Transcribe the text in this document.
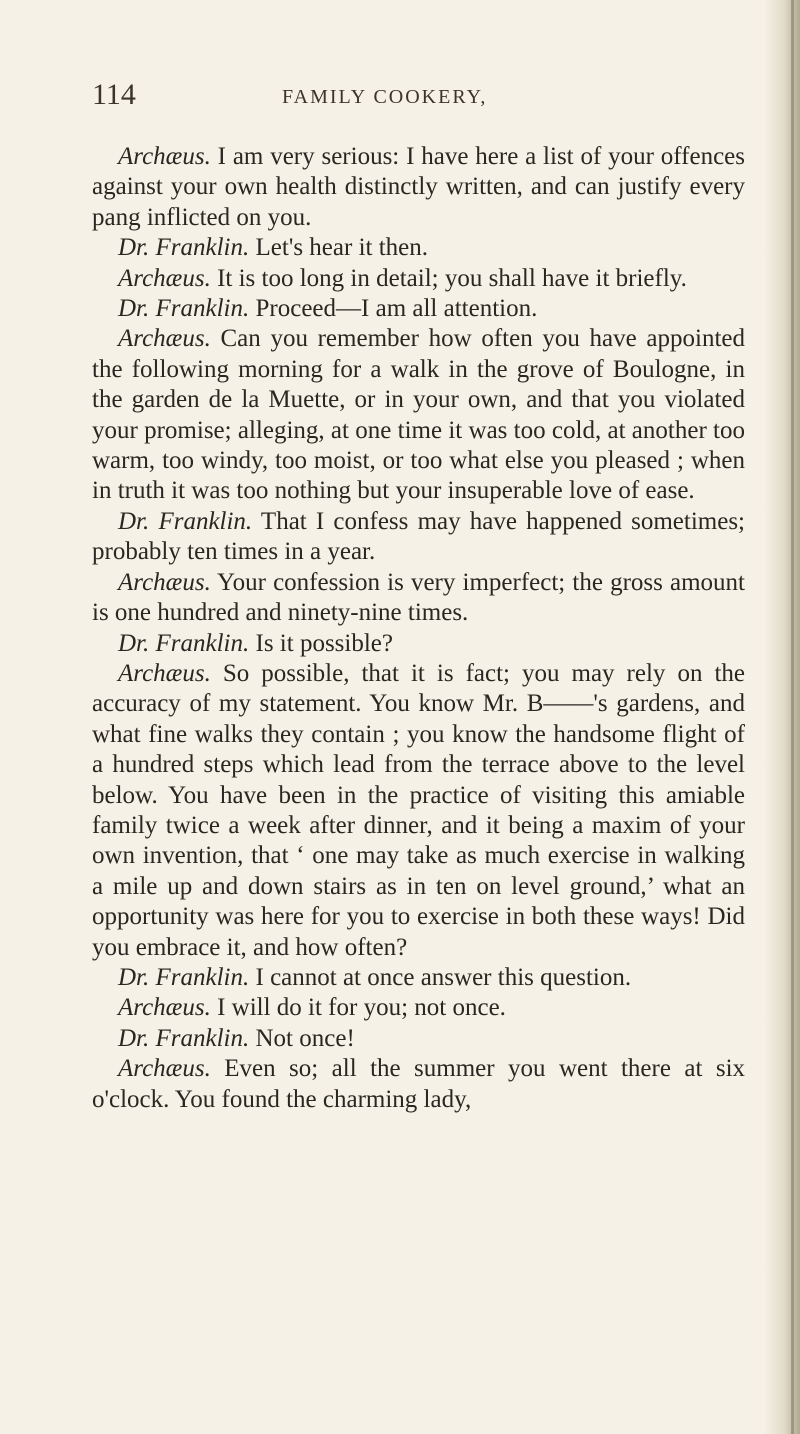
114	FAMILY COOKERY,

Archæus. I am very serious: I have here a list of your offences against your own health distinctly written, and can justify every pang inflicted on you.

Dr. Franklin. Let's hear it then.

Archæus. It is too long in detail; you shall have it briefly.

Dr. Franklin. Proceed—I am all attention.

Archæus. Can you remember how often you have appointed the following morning for a walk in the grove of Boulogne, in the garden de la Muette, or in your own, and that you violated your promise; alleging, at one time it was too cold, at another too warm, too windy, too moist, or too what else you pleased ; when in truth it was too nothing but your insuperable love of ease.

Dr. Franklin. That I confess may have happened sometimes; probably ten times in a year.

Archæus. Your confession is very imperfect; the gross amount is one hundred and ninety-nine times.

Dr. Franklin. Is it possible?

Archæus. So possible, that it is fact; you may rely on the accuracy of my statement. You know Mr. B——'s gardens, and what fine walks they contain ; you know the handsome flight of a hundred steps which lead from the terrace above to the level below. You have been in the practice of visiting this amiable family twice a week after dinner, and it being a maxim of your own invention, that ‘ one may take as much exercise in walking a mile up and down stairs as in ten on level ground,’ what an opportunity was here for you to exercise in both these ways! Did you embrace it, and how often?

Dr. Franklin. I cannot at once answer this question.

Archæus. I will do it for you; not once.

Dr. Franklin. Not once!

Archæus. Even so; all the summer you went there at six o'clock. You found the charming lady,
